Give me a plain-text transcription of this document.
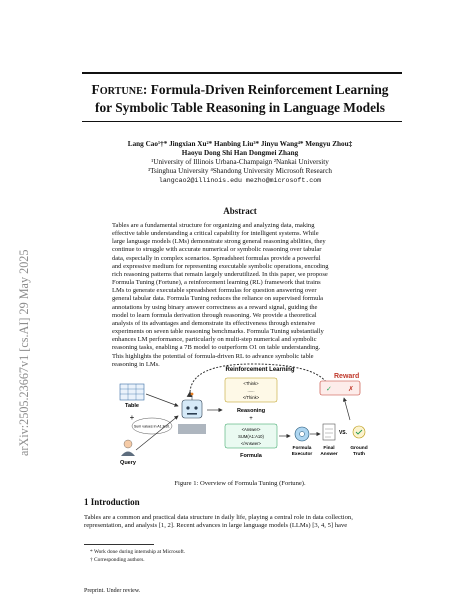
arXiv:2505.23667v1 [cs.AI] 29 May 2025
FORTUNE: Formula-Driven Reinforcement Learning
for Symbolic Table Reasoning in Language Models
Lang Cao¹†* Jingxian Xu²* Hanbing Liu³* Jinyu Wang⁴* Mengyu Zhou‡
Haoyu Dong Shi Han Dongmei Zhang
¹University of Illinois Urbana-Champaign ²Nankai University
³Tsinghua University ⁴Shandong University Microsoft Research
langcao2@illinois.edu mezho@microsoft.com
Abstract
Tables are a fundamental structure for organizing and analyzing data, making
effective table understanding a critical capability for intelligent systems. While
large language models (LMs) demonstrate strong general reasoning abilities, they
continue to struggle with accurate numerical or symbolic reasoning over tabular
data, especially in complex scenarios. Spreadsheet formulas provide a powerful
and expressive medium for representing executable symbolic operations, encoding
rich reasoning patterns that remain largely underutilized. In this paper, we propose
Formula Tuning (Fortune), a reinforcement learning (RL) framework that trains
LMs to generate executable spreadsheet formulas for question answering over
general tabular data. Formula Tuning reduces the reliance on supervised formula
annotations by using binary answer correctness as a reward signal, guiding the
model to learn formula derivation through reasoning. We provide a theoretical
analysis of its advantages and demonstrate its effectiveness through extensive
experiments on seven table reasoning benchmarks. Formula Tuning substantially
enhances LM performance, particularly on multi-step numerical and symbolic
reasoning tasks, enabling a 7B model to outperform O1 on table understanding.
This highlights the potential of formula-driven RL to advance symbolic table
reasoning in LMs.
Reinforcement Learning
Reward
✓ ✗
Table
Sum values in A1:A10.
Query
+
<Think>
......
</Think>
Reasoning
+
<Answer>
SUM(A1:A10)
</Answer>
Formula
Formula
Executor
Final
Answer
VS.
Ground
Truth
Figure 1: Overview of Formula Tuning (Fortune).
1 Introduction
Tables are a common and practical data structure in daily life, playing a central role in data collection,
representation, and analysis [1, 2]. Recent advances in large language models (LLMs) [3, 4, 5] have
* Work done during internship at Microsoft.
† Corresponding authors.
Preprint. Under review.
